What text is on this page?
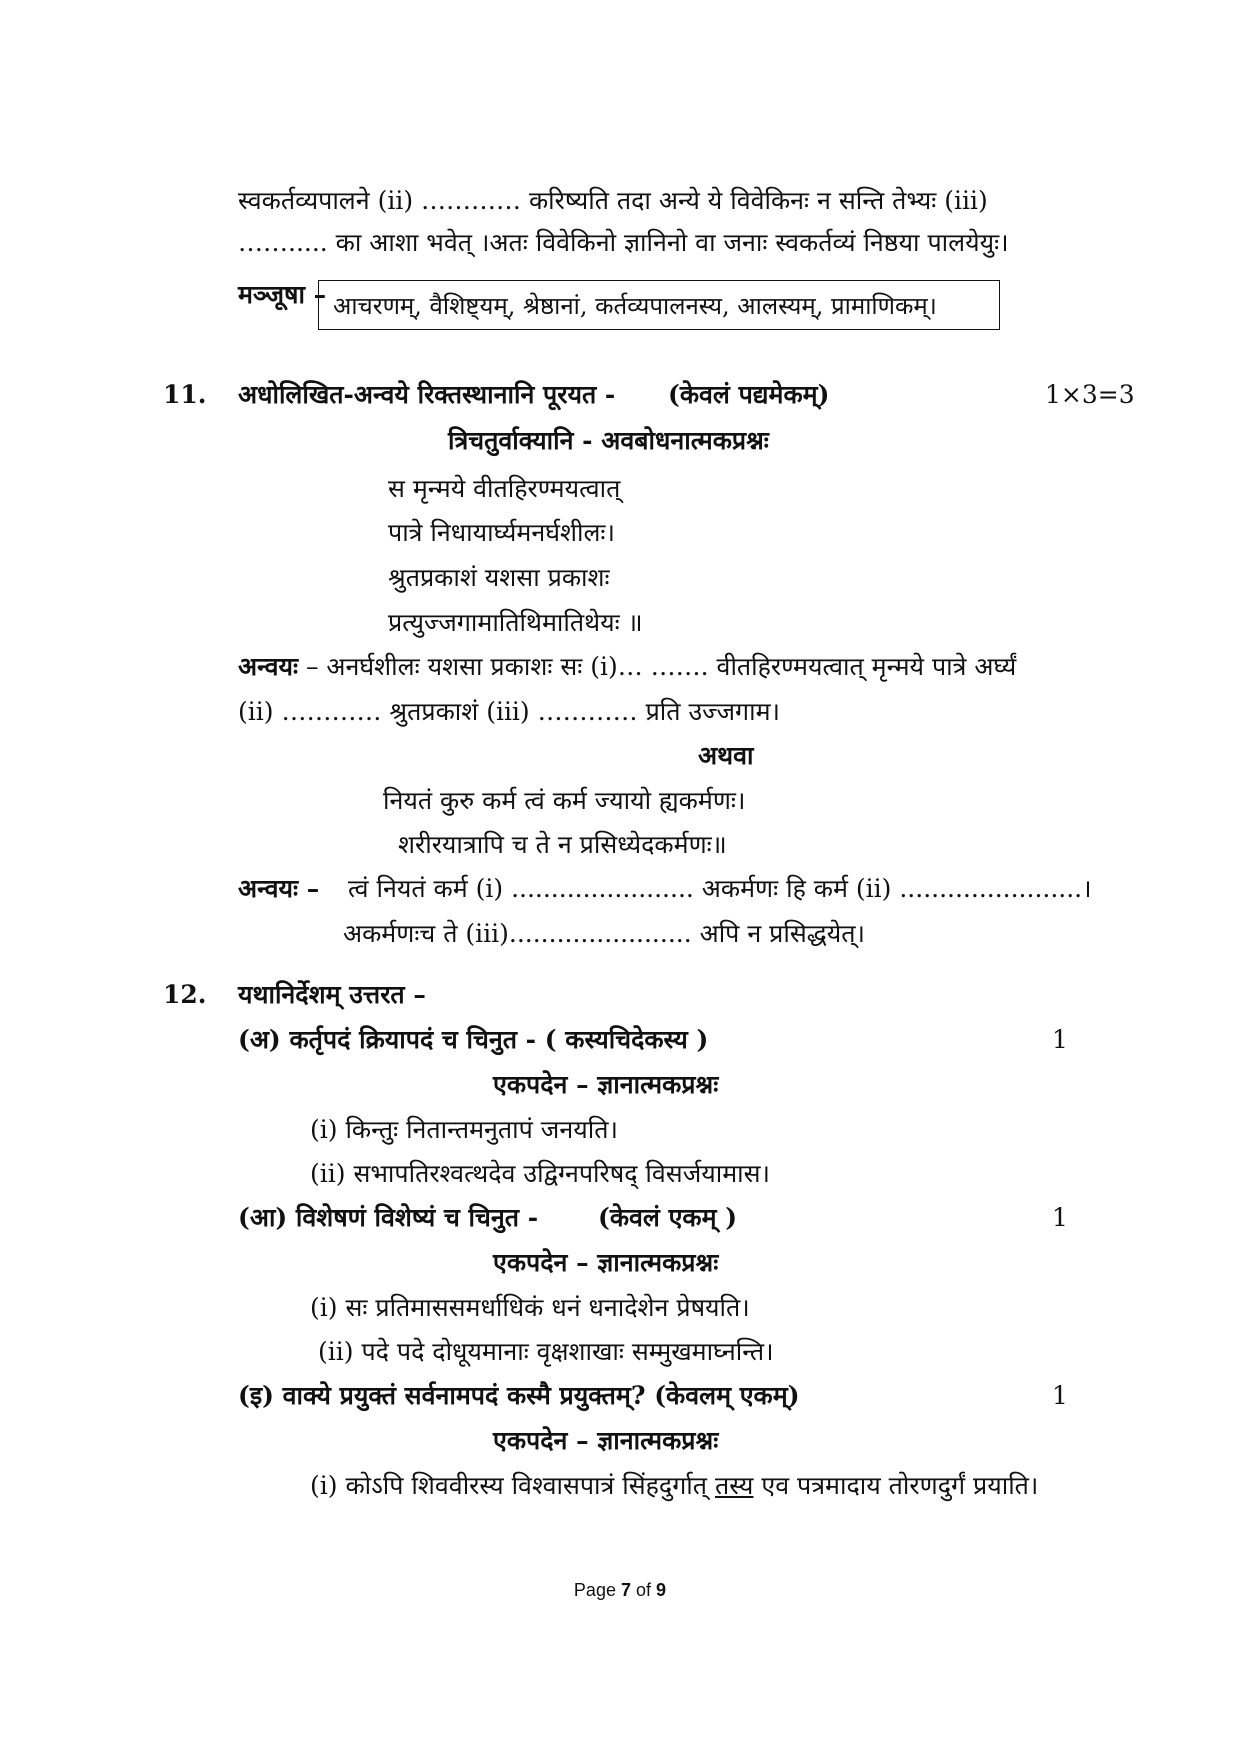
स्वकर्तव्यपालने (ii) ………… करिष्यति तदा अन्ये ये विवेकिनः न सन्ति तेभ्यः (iii)
……..... का आशा भवेत् ।अतः विवेकिनो ज्ञानिनो वा जनाः स्वकर्तव्यं निष्ठया पालयेयुः।
मञ्जूषा – आचरणम्, वैशिष्ट्यम्, श्रेष्ठानां, कर्तव्यपालनस्य, आलस्यम्, प्रामाणिकम्।
11. अधोलिखित-अन्वये रिक्तस्थानानि पूरयत - (केवलं पद्यमेकम्)	1×3=3
त्रिचतुर्वाक्यानि - अवबोधनात्मकप्रश्नः
स मृन्मये वीतहिरण्मयत्वात्
पात्रे निधायार्घ्यमनर्घशीलः।
श्रुतप्रकाशं यशसा प्रकाशः
प्रत्युज्जगामातिथिमातिथेयः ॥
अन्वयः – अनर्घशीलः यशसा प्रकाशः सः (i)… ……. वीतहिरण्मयत्वात् मृन्मये पात्रे अर्घ्यं
(ii) ………… श्रुतप्रकाशं (iii) ………… प्रति उज्जगाम।
अथवा
नियतं कुरु कर्म त्वं कर्म ज्यायो ह्यकर्मणः।
शरीरयात्रापि च ते न प्रसिध्येदकर्मणः॥
अन्वयः – त्वं नियतं कर्म (i) ....................... अकर्मणः हि कर्म (ii) .......................।
अकर्मणःच ते (iii)....................... अपि न प्रसिद्धयेत्।
12. यथानिर्देशम् उत्तरत –
(अ) कर्तृपदं क्रियापदं च चिनुत - ( कस्यचिदेकस्य )	1
एकपदेन – ज्ञानात्मकप्रश्नः
(i) किन्तुः नितान्तमनुतापं जनयति।
(ii) सभापतिरश्वत्थदेव उद्विग्नपरिषद् विसर्जयामास।
(आ) विशेषणं विशेष्यं च चिनुत - (केवलं एकम् )	1
एकपदेन – ज्ञानात्मकप्रश्नः
(i) सः प्रतिमाससमर्धाधिकं धनं धनादेशेन प्रेषयति।
(ii) पदे पदे दोधूयमानाः वृक्षशाखाः सम्मुखमाघ्नन्ति।
(इ) वाक्ये प्रयुक्तं सर्वनामपदं कस्मै प्रयुक्तम्? (केवलम् एकम्)	1
एकपदेन – ज्ञानात्मकप्रश्नः
(i) कोऽपि शिववीरस्य विश्वासपात्रं सिंहदुर्गात् तस्य एव पत्रमादाय तोरणदुर्गं प्रयाति।
Page 7 of 9
